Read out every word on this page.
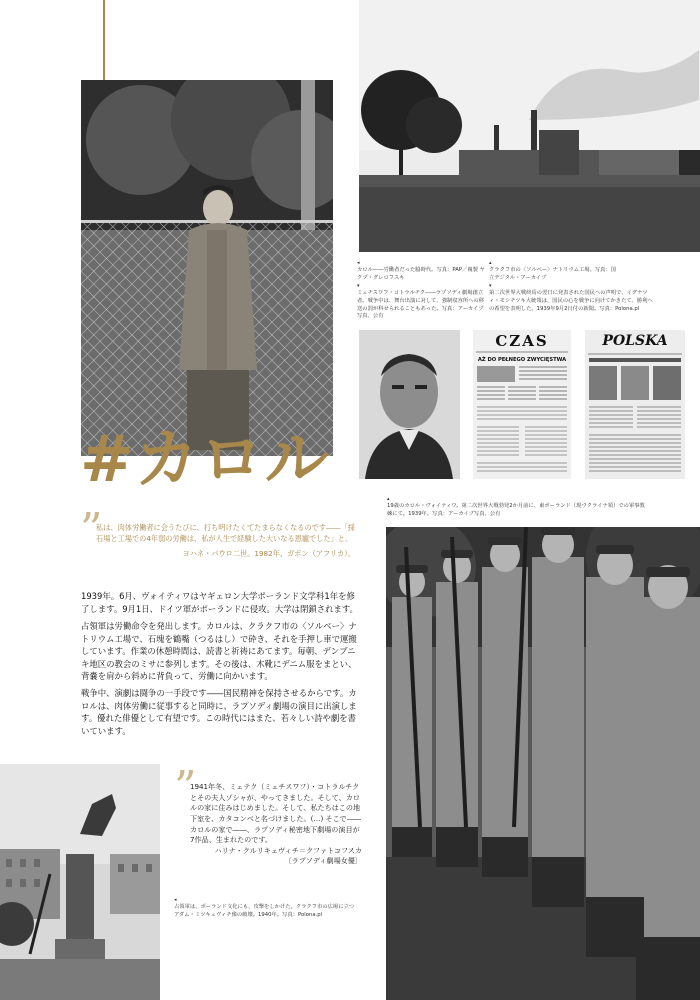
◂
カロル――労働者だった脇時代。写真：PAP／複製 ヤクプ・グレロフスキ
▴
クラクフ市の〈ソルベー〉ナトリウム工場。写真：国立デジタル・アーカイブ
▾
ミェチスワフ・コトラルチク――ラプソディ劇場創立者。戦争中は、舞台出演に対して、強制収容所への移送の罰が科せられることもあった。写真：アーカイブ写真、公有
▾
第二次世界大戦終焉の翌日に発表された国民への声明で、イグナツィ・モシチツキ大統領は、国民の心を戦争に向けてかきたて、勝利への希望を表明した。1939年9月2日付の新聞。写真：Polona.pl
CZAS
AŻ DO PEŁNEGO ZWYCIĘSTWA
POLSKA
#カロル
▴
19歳のカロル・ヴォイティワ。第二次世界大戦勃発2か月前に、東ポーランド（現ウクライナ領）での軍事教練にて。1939年。写真：アーカイブ写真、公有
”
私は、肉体労働者に会うたびに、打ち明けたくてたまらなくなるのです――「採石場と工場での4年弱の労働は、私が人生で経験した大いなる恩寵でした」と。
ヨハネ・パウロ二世。1982年、ガボン（アフリカ）。

1939年。6月、ヴォイティワはヤギェロン大学ポーランド文学科1年を修了します。9月1日、ドイツ軍がポーランドに侵攻。大学は閉鎖されます。

占領軍は労働命令を発出します。カロルは、クラクフ市の〈ソルベー〉ナトリウム工場で、石塊を鶴嘴（つるはし）で砕き、それを手押し車で運搬しています。作業の休憩時間は、読書と祈祷にあてます。毎朝、デンブニキ地区の教会のミサに参列します。その後は、木靴にデニム服をまとい、背嚢を肩から斜めに背負って、労働に向かいます。

戦争中、演劇は闘争の一手段です――国民精神を保持させるからです。カロルは、肉体労働に従事すると同時に、ラプソディ劇場の演目に出演します。優れた俳優として有望です。この時代にはまた、若々しい詩や劇を書いています。

”
1941年冬、ミェテク（ミェチスワフ）・コトラルチクとその夫人ゾシャが、やってきました。そして、カロルの家に住みはじめました。そして、私たちはこの地下室を、カタコンベと名づけました。(…) そこで――カロルの家で――、ラプソディ秘密地下劇場の演目が7作品、生まれたのです。
ハリナ・クルリキェヴィチ＝クファトコフスカ
〔ラプソディ劇場女優〕
◂
占領軍は、ポーランド文化にも、攻撃をしかけた。クラクフ市の広場に立つアダム・ミツキェヴィチ像の破壊。1940年。写真：Polona.pl
